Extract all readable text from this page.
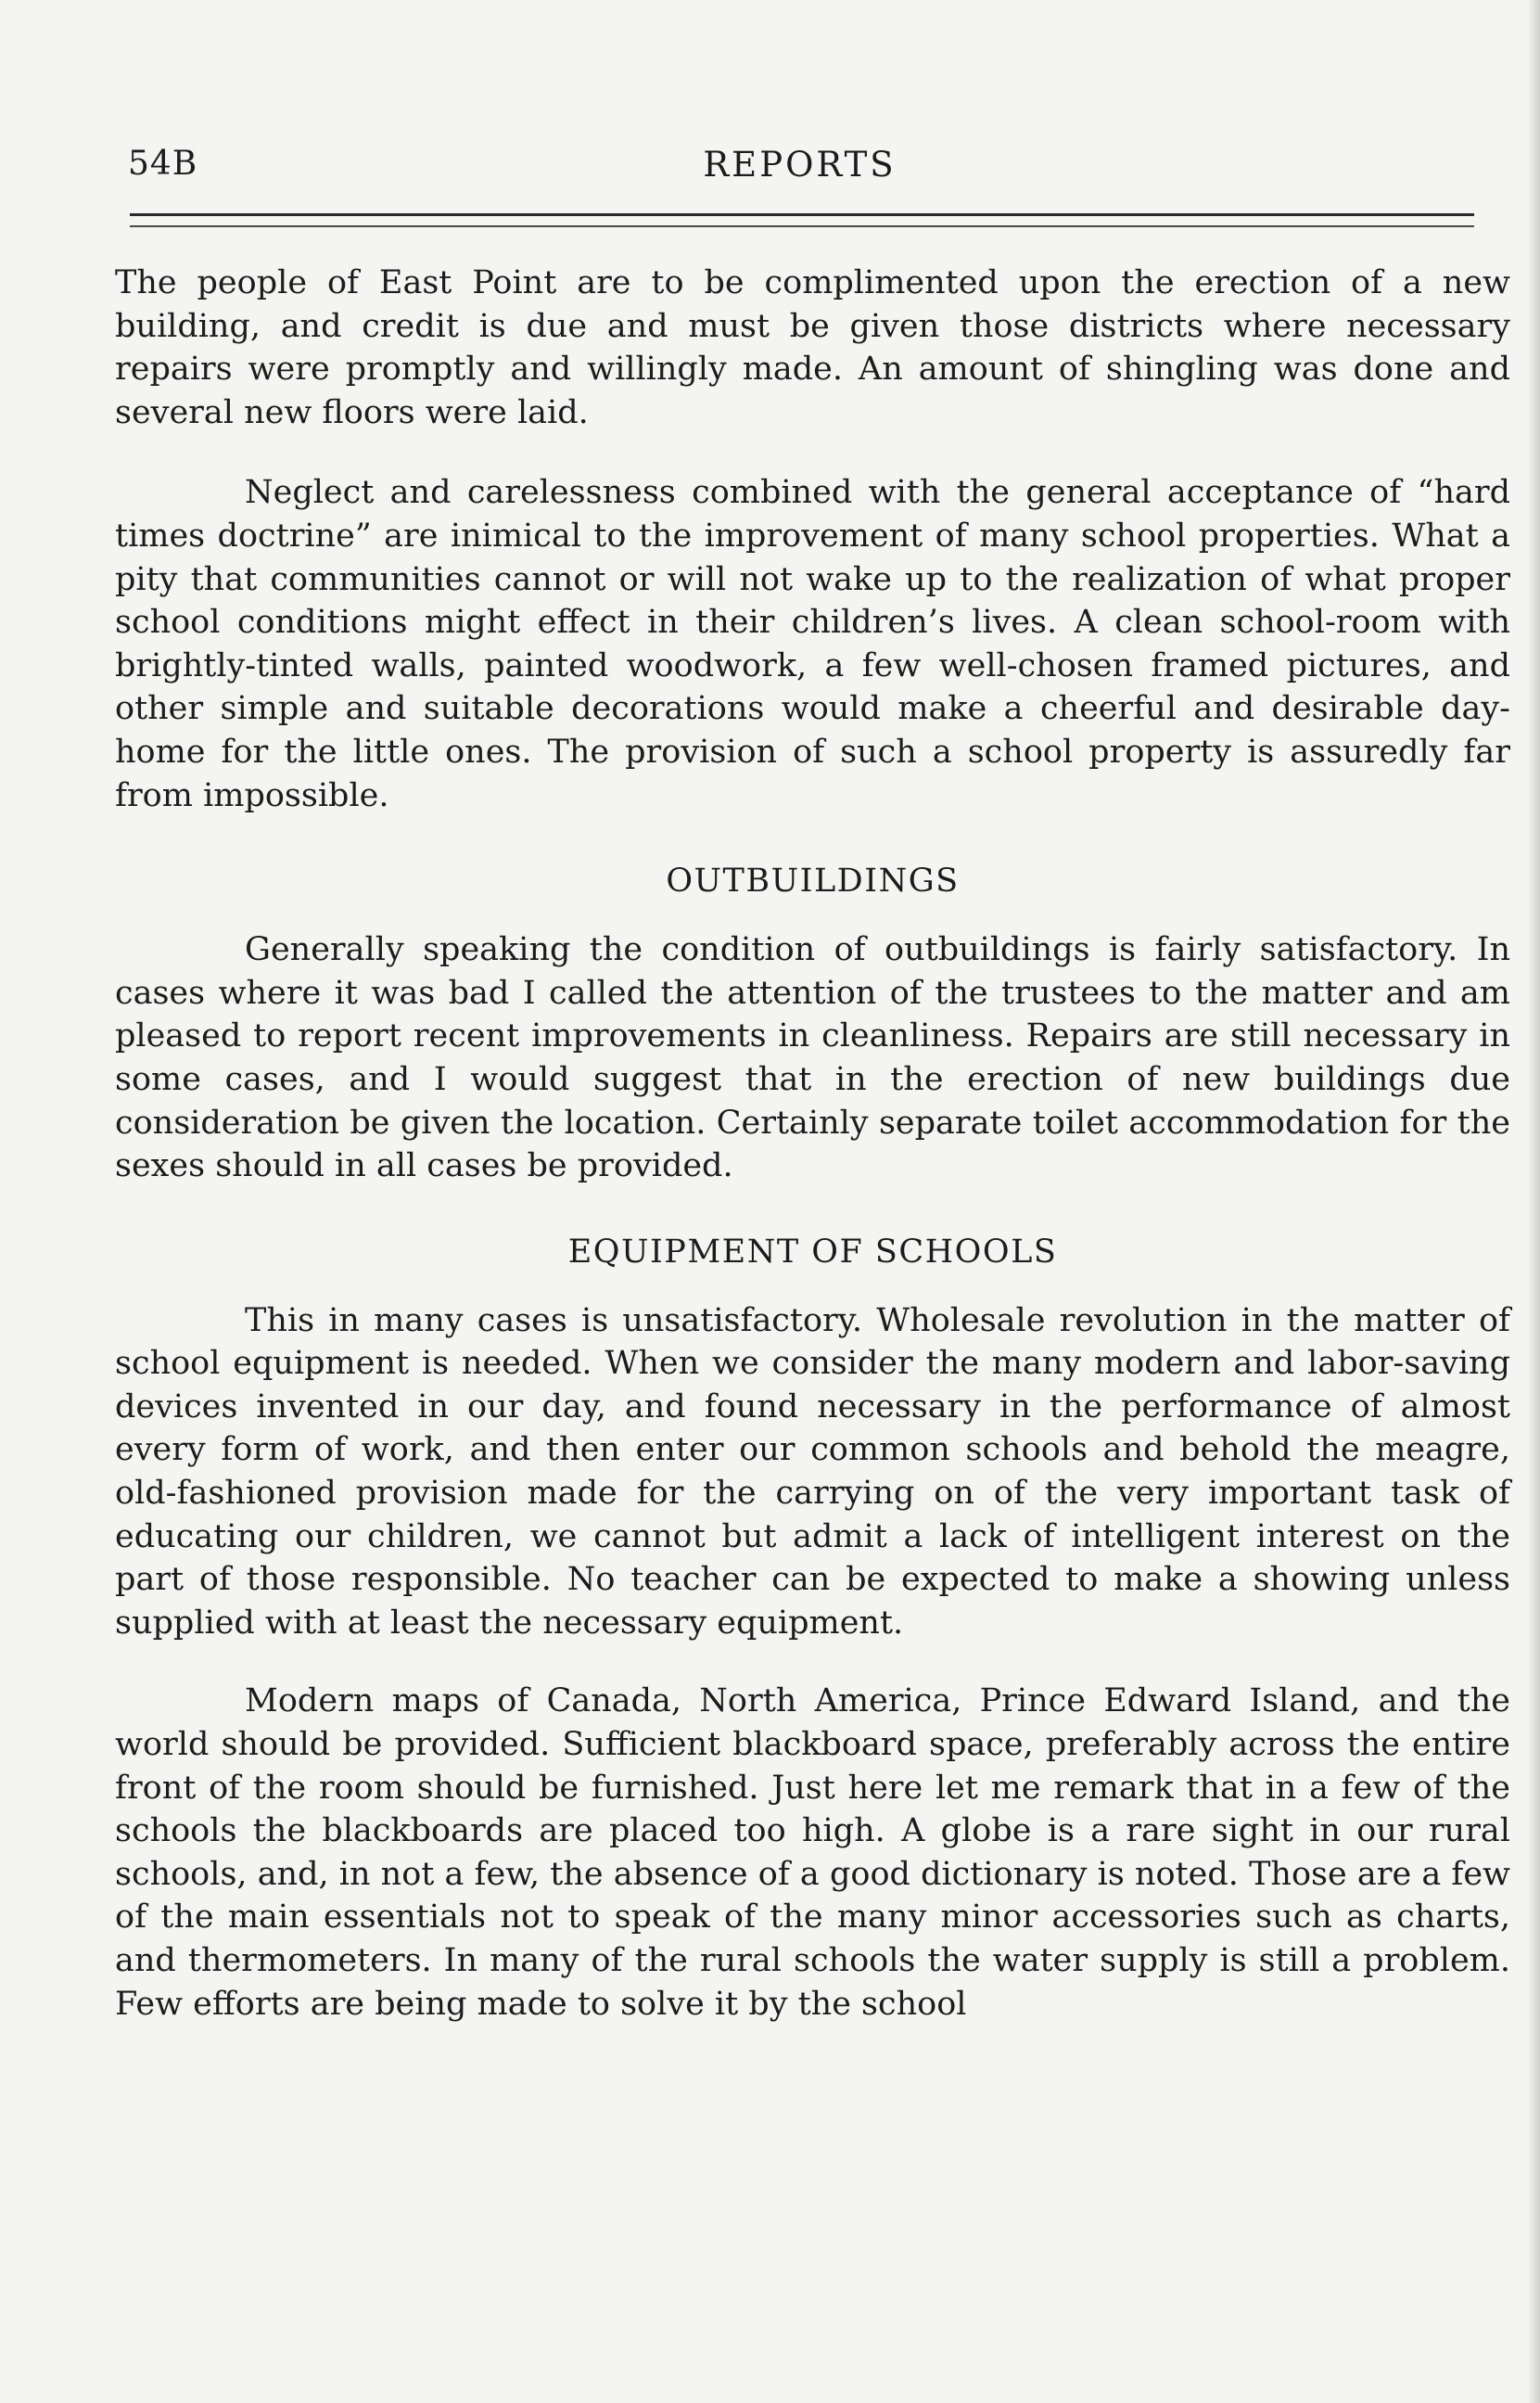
54B	REPORTS

The people of East Point are to be complimented upon the erection of a new building, and credit is due and must be given those districts where necessary repairs were promptly and willingly made. An amount of shingling was done and several new floors were laid.

Neglect and carelessness combined with the general acceptance of “hard times doctrine” are inimical to the improvement of many school properties. What a pity that communities cannot or will not wake up to the realization of what proper school conditions might effect in their children’s lives. A clean school-room with brightly-tinted walls, painted woodwork, a few well-chosen framed pictures, and other simple and suitable decorations would make a cheerful and desirable day-home for the little ones. The provision of such a school property is assuredly far from impossible.

OUTBUILDINGS

Generally speaking the condition of outbuildings is fairly satisfactory. In cases where it was bad I called the attention of the trustees to the matter and am pleased to report recent improvements in cleanliness. Repairs are still necessary in some cases, and I would suggest that in the erection of new buildings due consideration be given the location. Certainly separate toilet accommodation for the sexes should in all cases be provided.

EQUIPMENT OF SCHOOLS

This in many cases is unsatisfactory. Wholesale revolution in the matter of school equipment is needed. When we consider the many modern and labor-saving devices invented in our day, and found necessary in the performance of almost every form of work, and then enter our common schools and behold the meagre, old-fashioned provision made for the carrying on of the very important task of educating our children, we cannot but admit a lack of intelligent interest on the part of those responsible. No teacher can be expected to make a showing unless supplied with at least the necessary equipment.

Modern maps of Canada, North America, Prince Edward Island, and the world should be provided. Sufficient blackboard space, preferably across the entire front of the room should be furnished. Just here let me remark that in a few of the schools the blackboards are placed too high. A globe is a rare sight in our rural schools, and, in not a few, the absence of a good dictionary is noted. Those are a few of the main essentials not to speak of the many minor accessories such as charts, and thermometers. In many of the rural schools the water supply is still a problem. Few efforts are being made to solve it by the school
